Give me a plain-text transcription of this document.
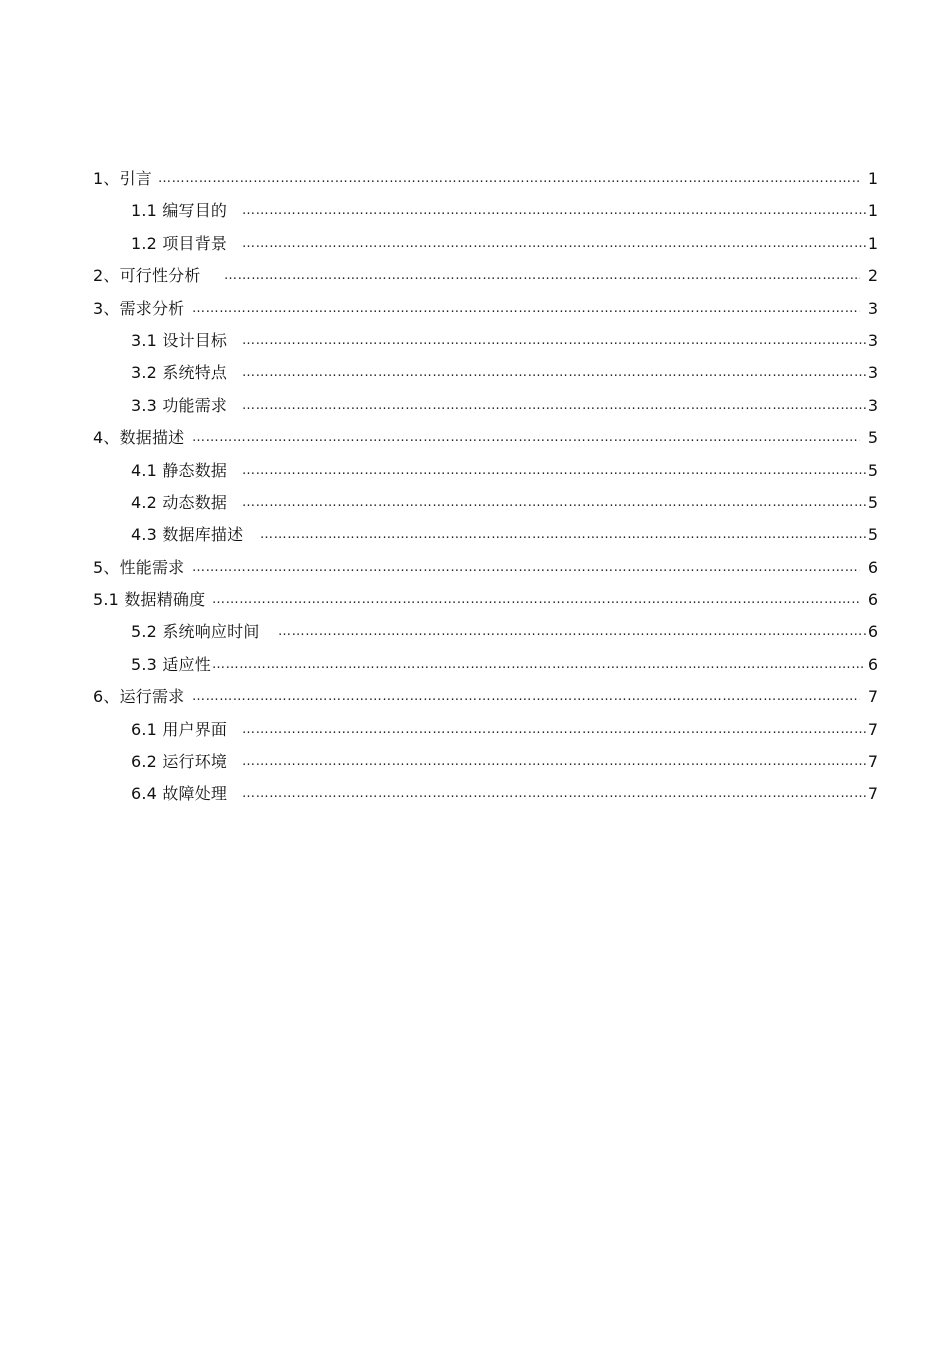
……………………………………………………………………………………………………………………………………………………………………………………………………………………………
1、引言	1
……………………………………………………………………………………………………………………………………………………………………………………………………………………………
1.1 编写目的	1
……………………………………………………………………………………………………………………………………………………………………………………………………………………………
1.2 项目背景	1
……………………………………………………………………………………………………………………………………………………………………………………………………………………………
2、可行性分析	2
……………………………………………………………………………………………………………………………………………………………………………………………………………………………
3、需求分析	3
……………………………………………………………………………………………………………………………………………………………………………………………………………………………
3.1 设计目标	3
……………………………………………………………………………………………………………………………………………………………………………………………………………………………
3.2 系统特点	3
……………………………………………………………………………………………………………………………………………………………………………………………………………………………
3.3 功能需求	3
……………………………………………………………………………………………………………………………………………………………………………………………………………………………
4、数据描述	5
……………………………………………………………………………………………………………………………………………………………………………………………………………………………
4.1 静态数据	5
……………………………………………………………………………………………………………………………………………………………………………………………………………………………
4.2 动态数据	5
……………………………………………………………………………………………………………………………………………………………………………………………………………………………
4.3 数据库描述	5
……………………………………………………………………………………………………………………………………………………………………………………………………………………………
5、性能需求	6
……………………………………………………………………………………………………………………………………………………………………………………………………………………………
5.1 数据精确度	6
……………………………………………………………………………………………………………………………………………………………………………………………………………………………
5.2 系统响应时间	6
……………………………………………………………………………………………………………………………………………………………………………………………………………………………
5.3 适应性	6
……………………………………………………………………………………………………………………………………………………………………………………………………………………………
6、运行需求	7
……………………………………………………………………………………………………………………………………………………………………………………………………………………………
6.1 用户界面	7
……………………………………………………………………………………………………………………………………………………………………………………………………………………………
6.2 运行环境	7
……………………………………………………………………………………………………………………………………………………………………………………………………………………………
6.4 故障处理	7
